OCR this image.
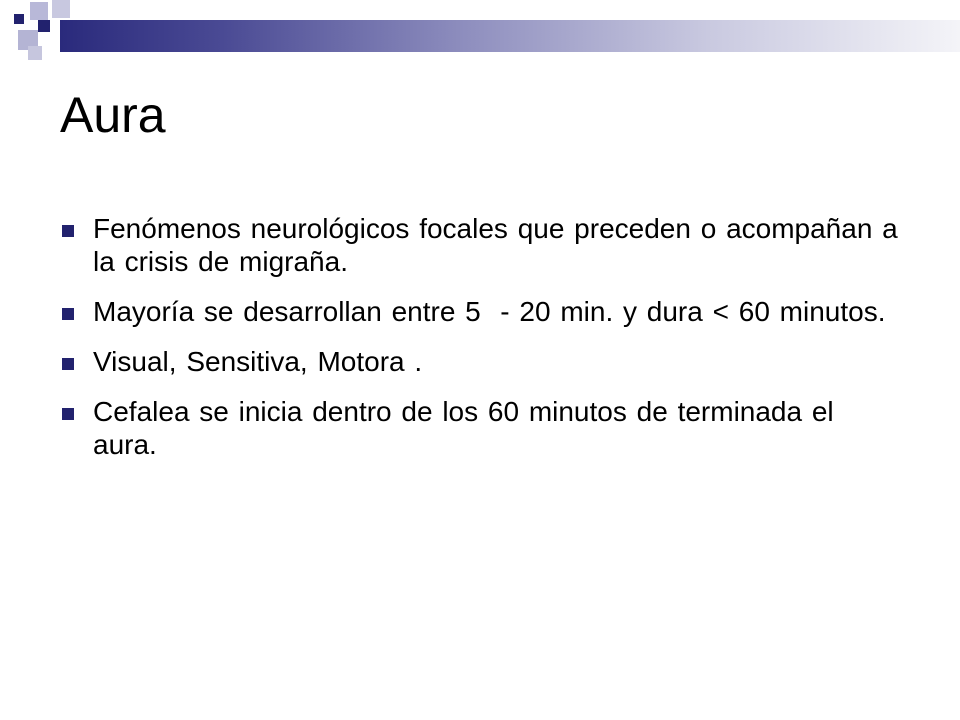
Aura
Fenómenos neurológicos focales que preceden o acompañan a la crisis de migraña.
Mayoría se desarrollan entre 5  - 20 min. y dura < 60 minutos.
Visual, Sensitiva, Motora .
Cefalea se inicia dentro de los 60 minutos de terminada el aura.
